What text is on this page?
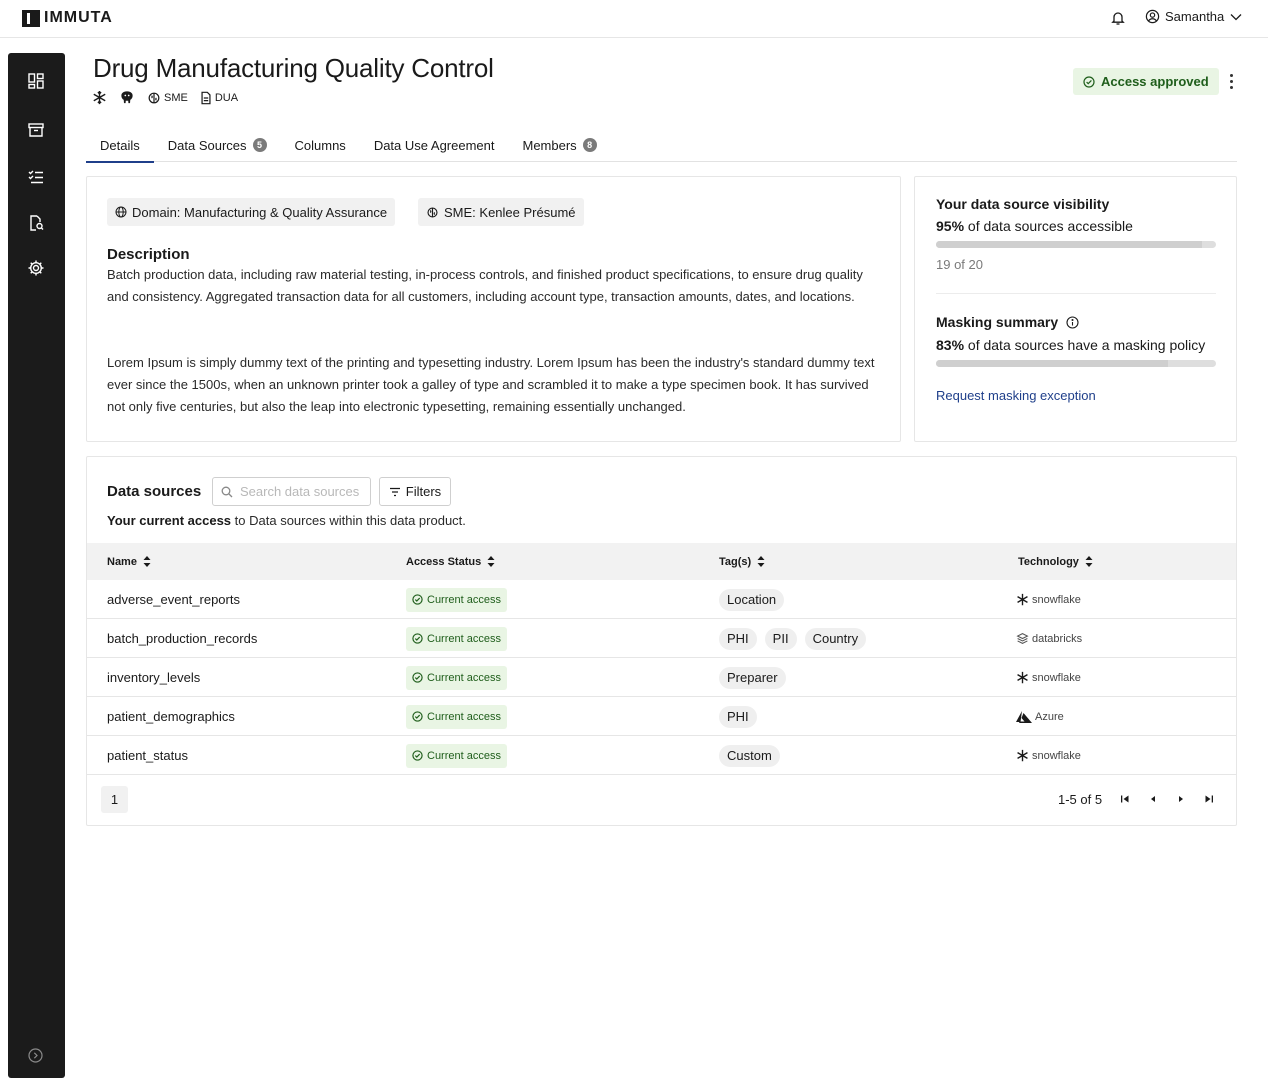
IMMUTA	Samantha
Drug Manufacturing Quality Control
SME DUA
Access approved
Details Data Sources	5	Columns Data Use Agreement Members	8
Domain: Manufacturing & Quality Assurance	SME: Kenlee Présumé
Description

Batch production data, including raw material testing, in-process controls, and finished product specifications, to ensure drug quality and consistency. Aggregated transaction data for all customers, including account type, transaction amounts, dates, and locations.

Lorem Ipsum is simply dummy text of the printing and typesetting industry. Lorem Ipsum has been the industry's standard dummy text ever since the 1500s, when an unknown printer took a galley of type and scrambled it to make a type specimen book. It has survived not only five centuries, but also the leap into electronic typesetting, remaining essentially unchanged.

Your data source visibility
95% of data sources accessible
19 of 20
Masking summary
83% of data sources have a masking policy
Request masking exception
Data sources
Search data sources	Filters
Your current access to Data sources within this data product.
Name	Access Status	Tag(s)	Technology
adverse_event_reports	Current access	Location	snowflake
batch_production_records	Current access	PHI	PII	Country	databricks
inventory_levels	Current access	Preparer	snowflake
patient_demographics	Current access	PHI	Azure
patient_status	Current access	Custom	snowflake
1	1-5 of 5
